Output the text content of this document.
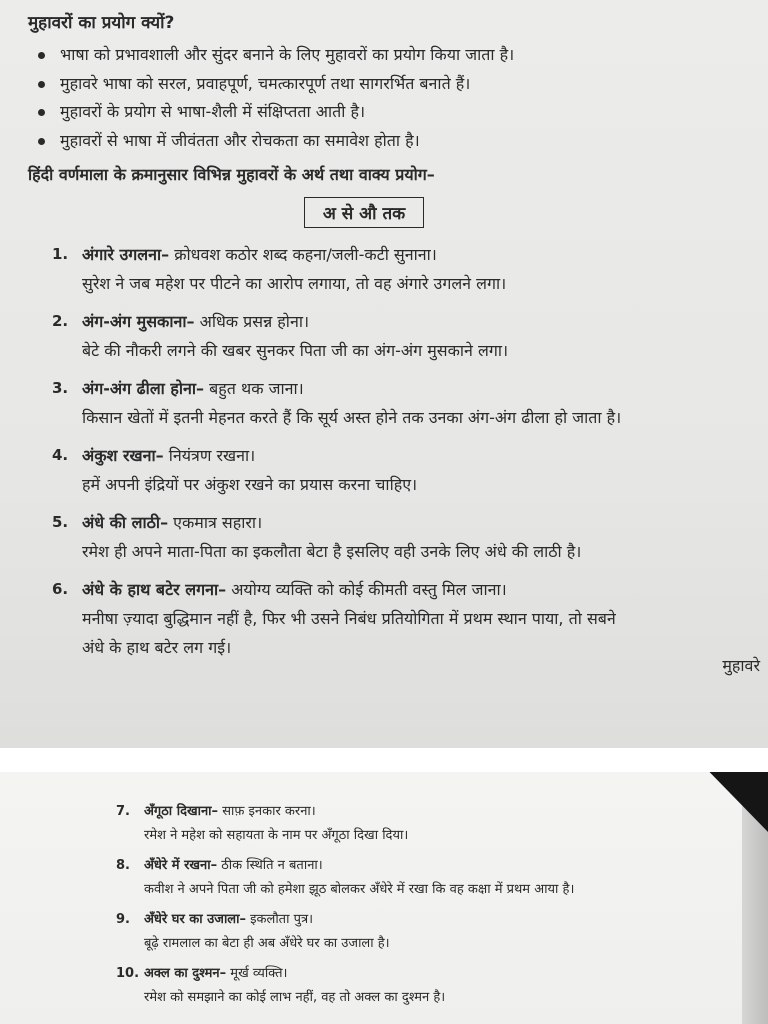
मुहावरों का प्रयोग क्यों?
भाषा को प्रभावशाली और सुंदर बनाने के लिए मुहावरों का प्रयोग किया जाता है।
मुहावरे भाषा को सरल, प्रवाहपूर्ण, चमत्कारपूर्ण तथा सागरर्भित बनाते हैं।
मुहावरों के प्रयोग से भाषा-शैली में संक्षिप्तता आती है।
मुहावरों से भाषा में जीवंतता और रोचकता का समावेश होता है।
हिंदी वर्णमाला के क्रमानुसार विभिन्न मुहावरों के अर्थ तथा वाक्य प्रयोग–
अ से औ तक
1. अंगारे उगलना– क्रोधवश कठोर शब्द कहना/जली-कटी सुनाना।
सुरेश ने जब महेश पर पीटने का आरोप लगाया, तो वह अंगारे उगलने लगा।
2. अंग-अंग मुसकाना– अधिक प्रसन्न होना।
बेटे की नौकरी लगने की खबर सुनकर पिता जी का अंग-अंग मुसकाने लगा।
3. अंग-अंग ढीला होना– बहुत थक जाना।
किसान खेतों में इतनी मेहनत करते हैं कि सूर्य अस्त होने तक उनका अंग-अंग ढीला हो जाता है।
4. अंकुश रखना– नियंत्रण रखना।
हमें अपनी इंद्रियों पर अंकुश रखने का प्रयास करना चाहिए।
5. अंधे की लाठी– एकमात्र सहारा।
रमेश ही अपने माता-पिता का इकलौता बेटा है इसलिए वही उनके लिए अंधे की लाठी है।
6. अंधे के हाथ बटेर लगना– अयोग्य व्यक्ति को कोई कीमती वस्तु मिल जाना।
मनीषा ज़्यादा बुद्धिमान नहीं है, फिर भी उसने निबंध प्रतियोगिता में प्रथम स्थान पाया, तो सबने
अंधे के हाथ बटेर लग गई।
मुहावरे
7. अँगूठा दिखाना– साफ़ इनकार करना।
रमेश ने महेश को सहायता के नाम पर अँगूठा दिखा दिया।
8. अँधेरे में रखना– ठीक स्थिति न बताना।
कवीश ने अपने पिता जी को हमेशा झूठ बोलकर अँधेरे में रखा कि वह कक्षा में प्रथम आया है।
9. अँधेरे घर का उजाला– इकलौता पुत्र।
बूढ़े रामलाल का बेटा ही अब अँधेरे घर का उजाला है।
10. अक्ल का दुश्मन– मूर्ख व्यक्ति।
रमेश को समझाने का कोई लाभ नहीं, वह तो अक्ल का दुश्मन है।
